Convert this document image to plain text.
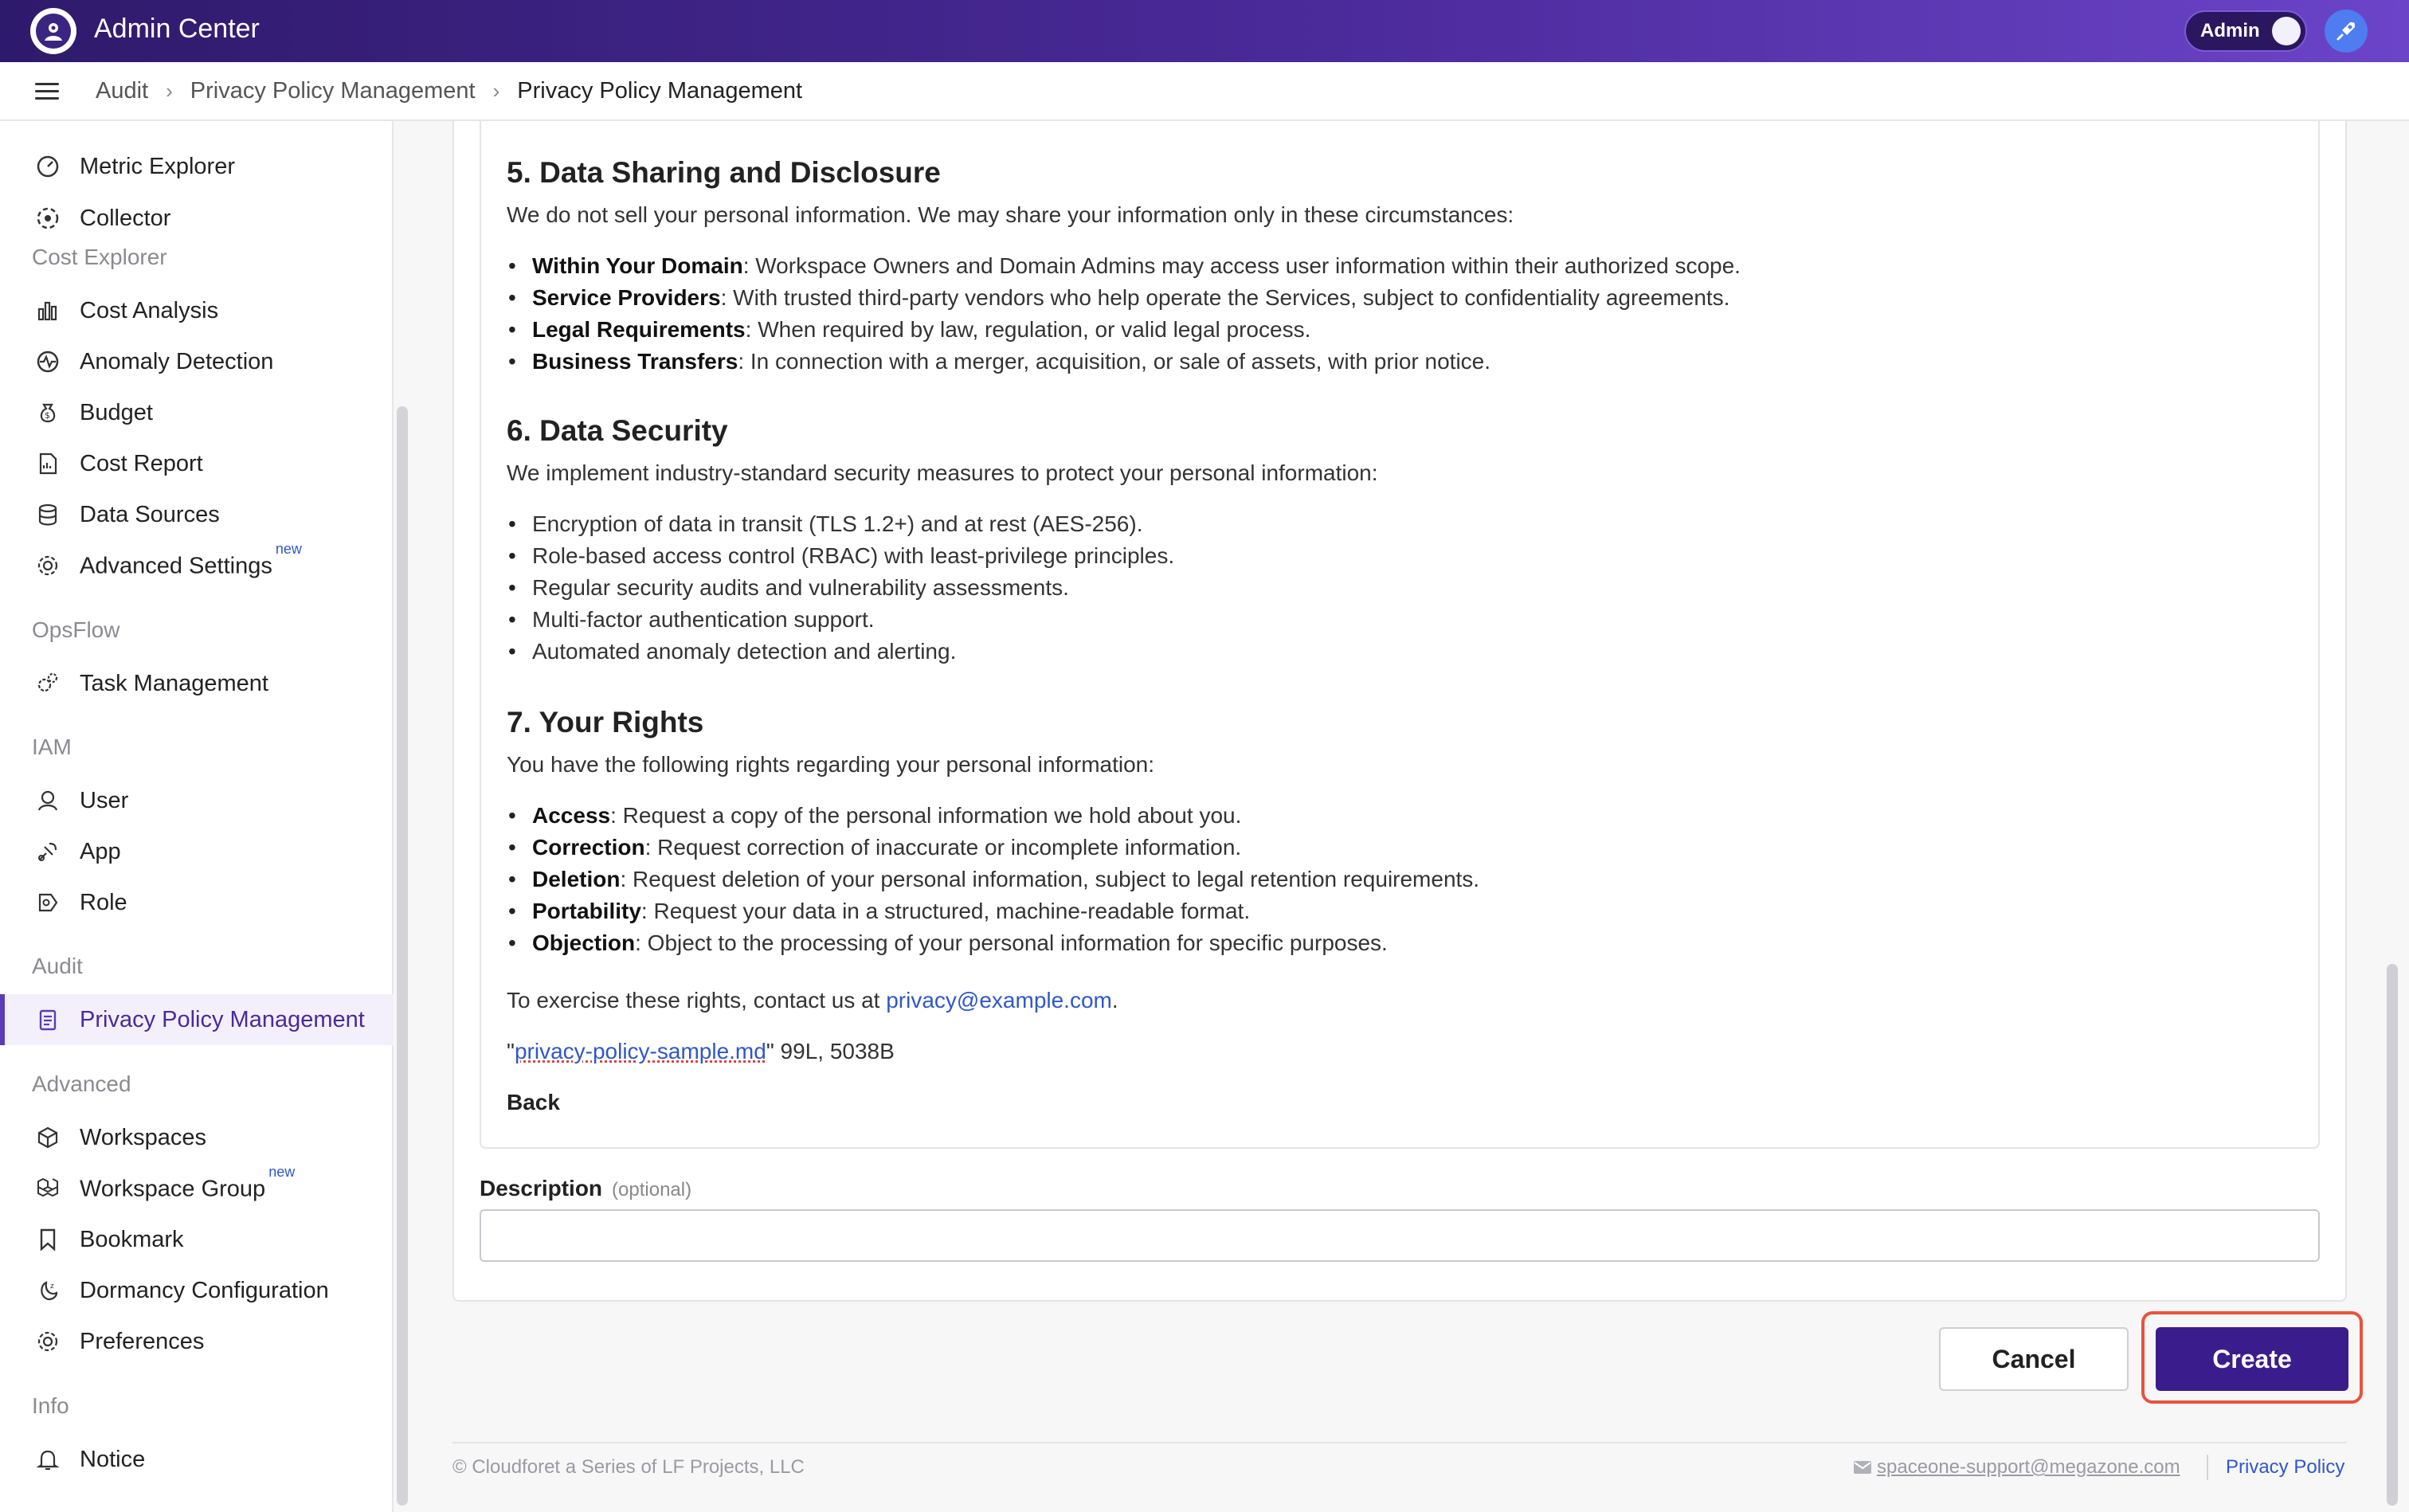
Admin Center	Admin
Audit › Privacy Policy Management › Privacy Policy Management
Metric Explorer
Collector
Cost Explorer
Cost Analysis
Anomaly Detection
$ Budget
Cost Report
Data Sources
Advanced Settings$^{new}$
OpsFlow
Task Management
IAM
User
App
Role
Audit
Privacy Policy Management
Advanced
Workspaces
Workspace Group$^{new}$
Bookmark
z Dormancy Configuration
Preferences
Info
Notice
5. Data Sharing and Disclosure
We do not sell your personal information. We may share your information only in these circumstances:
• Within Your Domain: Workspace Owners and Domain Admins may access user information within their authorized scope.
• Service Providers: With trusted third-party vendors who help operate the Services, subject to confidentiality agreements.
• Legal Requirements: When required by law, regulation, or valid legal process.
• Business Transfers: In connection with a merger, acquisition, or sale of assets, with prior notice.
6. Data Security
We implement industry-standard security measures to protect your personal information:
• Encryption of data in transit (TLS 1.2+) and at rest (AES-256).
• Role-based access control (RBAC) with least-privilege principles.
• Regular security audits and vulnerability assessments.
• Multi-factor authentication support.
• Automated anomaly detection and alerting.
7. Your Rights
You have the following rights regarding your personal information:
• Access: Request a copy of the personal information we hold about you.
• Correction: Request correction of inaccurate or incomplete information.
• Deletion: Request deletion of your personal information, subject to legal retention requirements.
• Portability: Request your data in a structured, machine-readable format.
• Objection: Object to the processing of your personal information for specific purposes.
To exercise these rights, contact us at privacy@example.com.
"privacy-policy-sample.md" 99L, 5038B
Back
Description (optional)
Cancel	Create
© Cloudforet a Series of LF Projects, LLC	spaceone-support@megazone.com Privacy Policy
